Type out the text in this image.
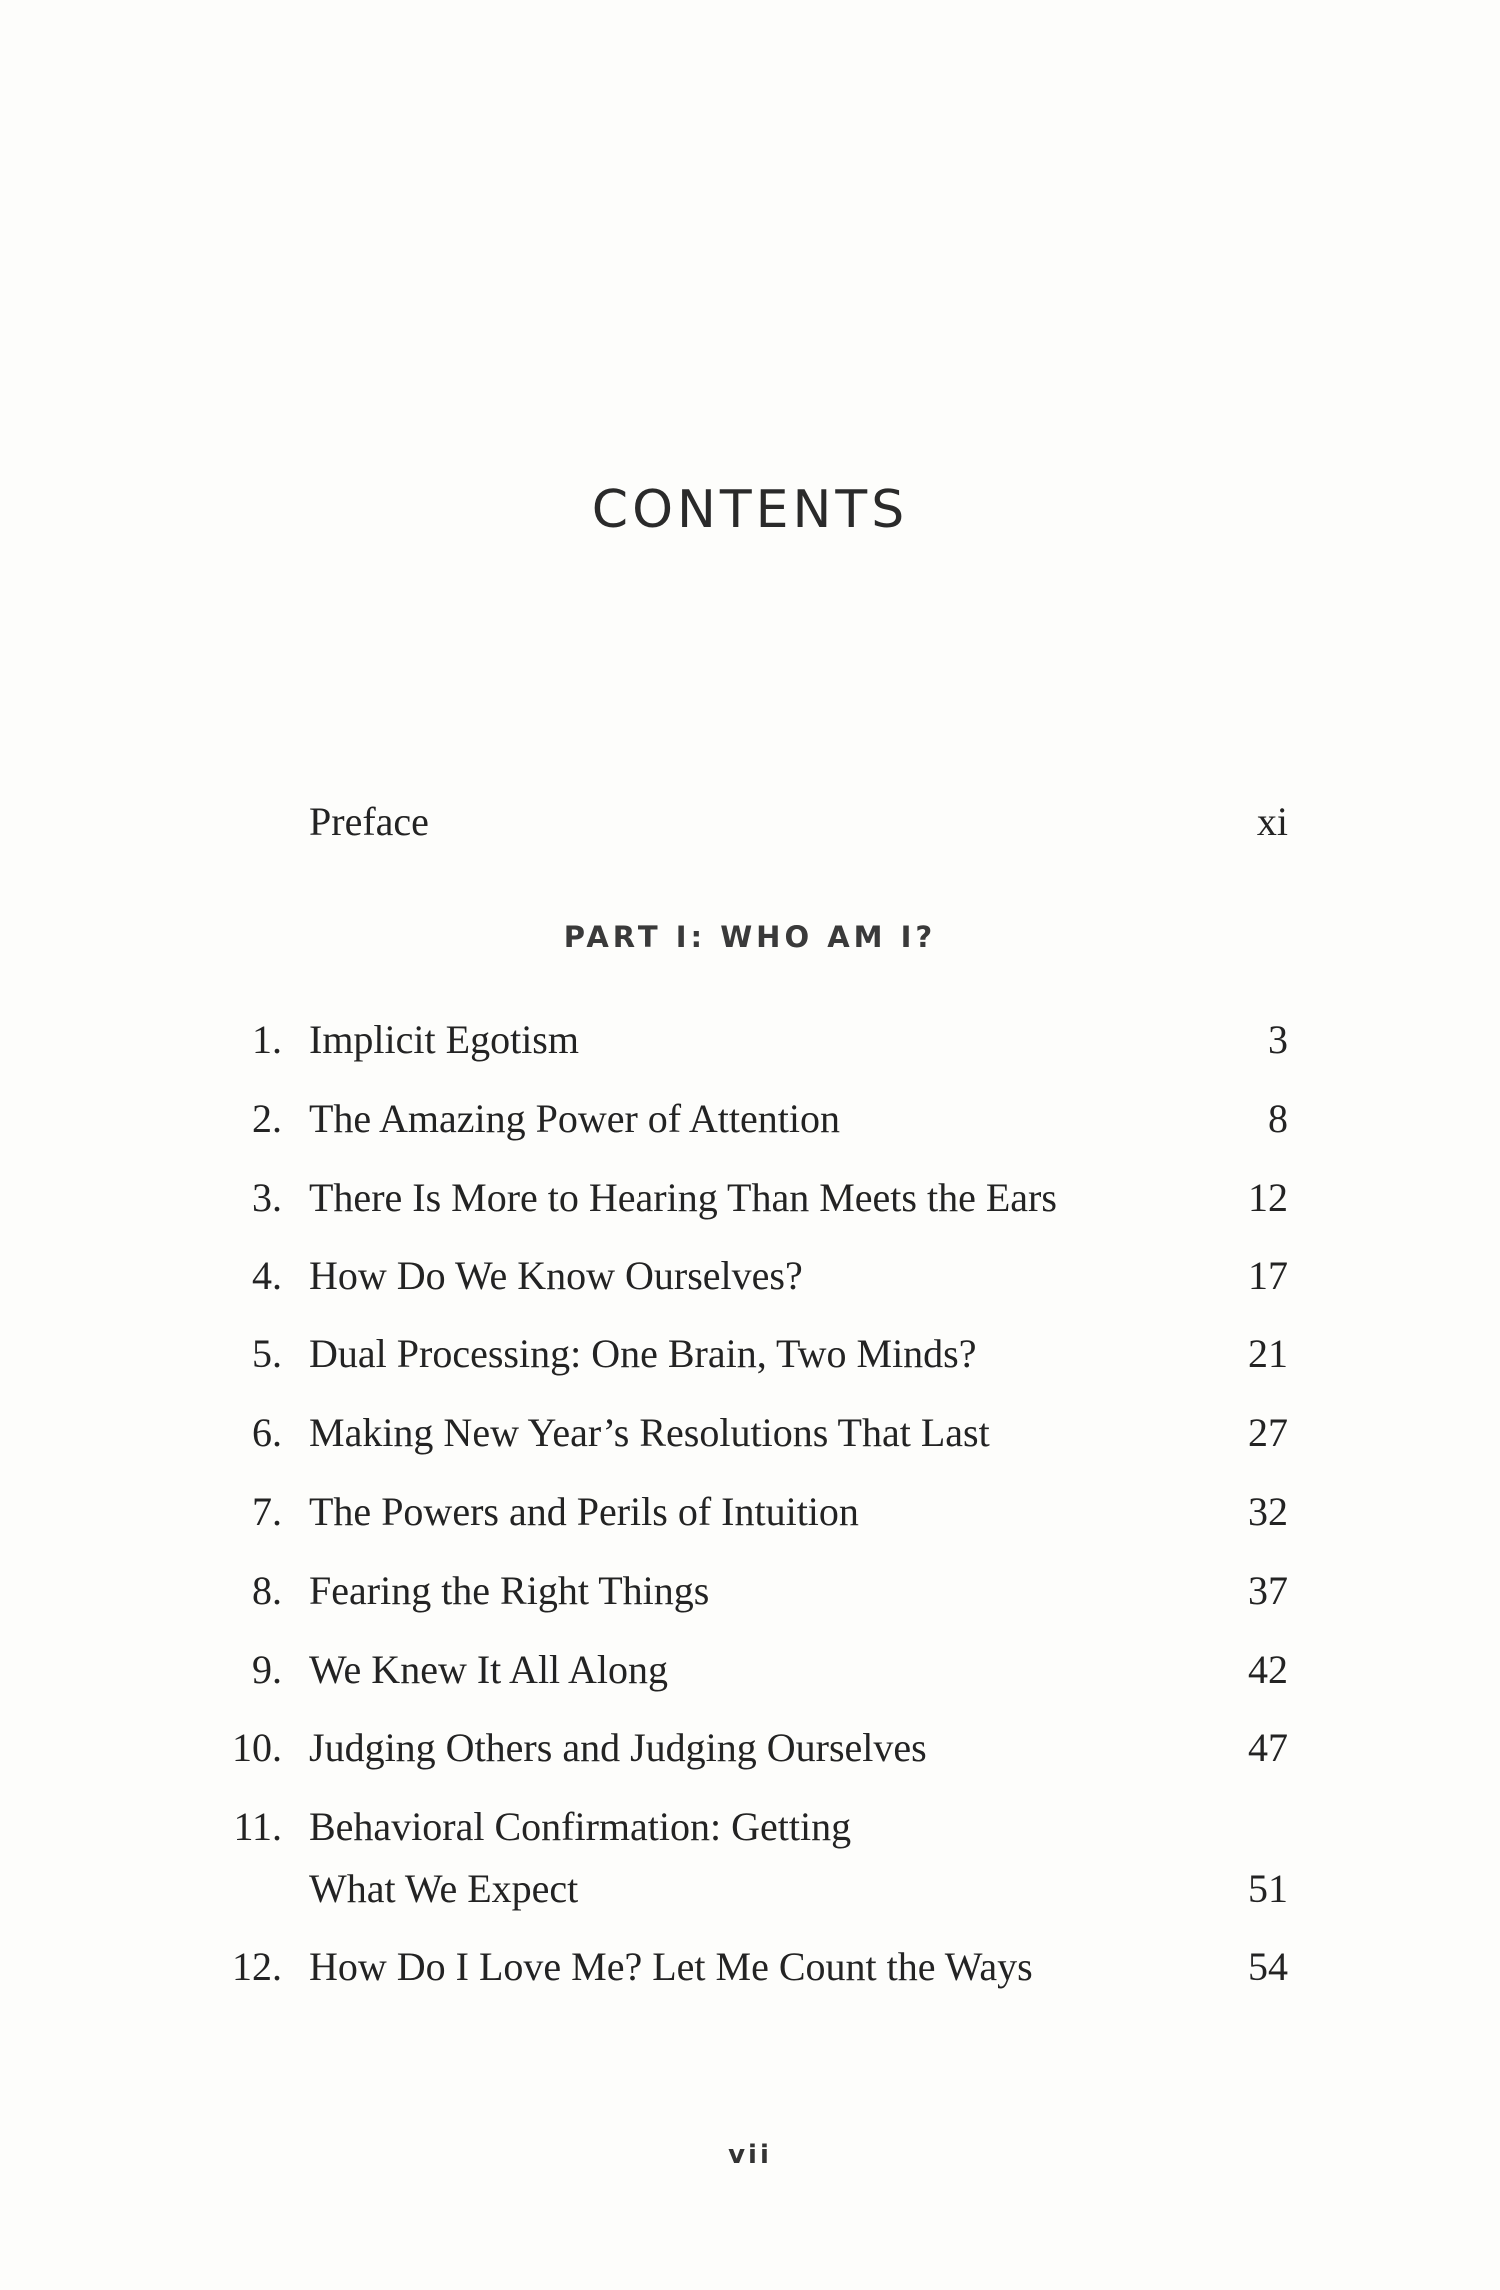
CONTENTS
Preface	xi
PART I: WHO AM I?
1. Implicit Egotism	3
2. The Amazing Power of Attention	8
3. There Is More to Hearing Than Meets the Ears	12
4. How Do We Know Ourselves?	17
5. Dual Processing: One Brain, Two Minds?	21
6. Making New Year’s Resolutions That Last	27
7. The Powers and Perils of Intuition	32
8. Fearing the Right Things	37
9. We Knew It All Along	42
10. Judging Others and Judging Ourselves	47
11. Behavioral Confirmation: Getting
What We Expect	51
12. How Do I Love Me? Let Me Count the Ways	54
vii
